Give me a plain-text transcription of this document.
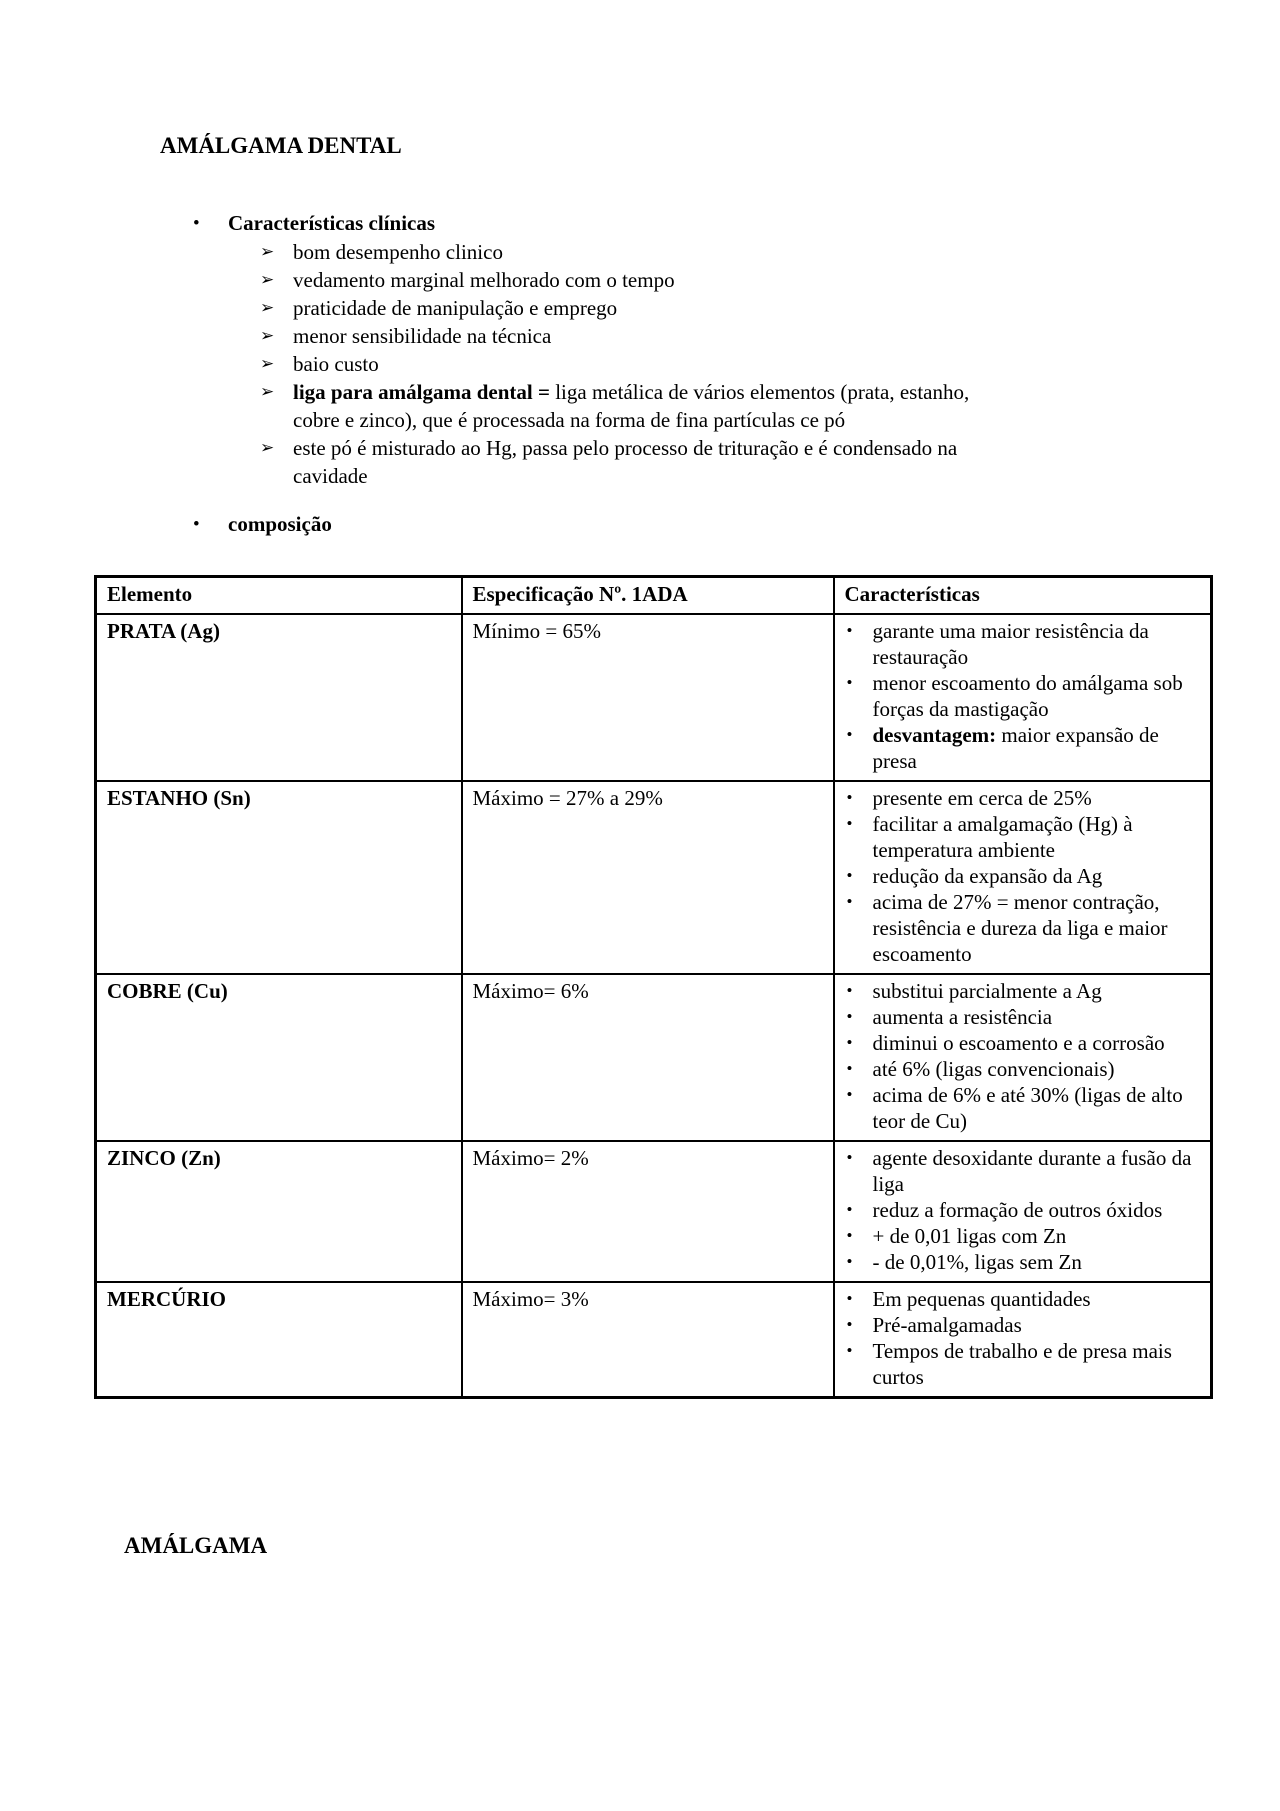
AMÁLGAMA DENTAL
•	Características clínicas
➢ bom desempenho clinico
➢ vedamento marginal melhorado com o tempo
➢ praticidade de manipulação e emprego
➢ menor sensibilidade na técnica
➢ baio custo
➢ liga para amálgama dental = liga metálica de vários elementos (prata, estanho, cobre e zinco), que é processada na forma de fina partículas ce pó
➢ este pó é misturado ao Hg, passa pelo processo de trituração e é condensado na cavidade
•	composição
Elemento	Especificação Nº. 1ADA	Características
PRATA (Ag)	Mínimo = 65%	• garante uma maior resistência da restauração
• menor escoamento do amálgama sob forças da mastigação
• desvantagem: maior expansão de presa

ESTANHO (Sn)	Máximo = 27% a 29%	• presente em cerca de 25%
• facilitar a amalgamação (Hg) à temperatura ambiente
• redução da expansão da Ag
• acima de 27% = menor contração, resistência e dureza da liga e maior escoamento

COBRE (Cu)	Máximo= 6%	• substitui parcialmente a Ag
• aumenta a resistência
• diminui o escoamento e a corrosão
• até 6% (ligas convencionais)
• acima de 6% e até 30% (ligas de alto teor de Cu)

ZINCO (Zn)	Máximo= 2%	• agente desoxidante durante a fusão da liga
• reduz a formação de outros óxidos
• + de 0,01 ligas com Zn
• - de 0,01%, ligas sem Zn

MERCÚRIO	Máximo= 3%	• Em pequenas quantidades
• Pré-amalgamadas
• Tempos de trabalho e de presa mais curtos
AMÁLGAMA
